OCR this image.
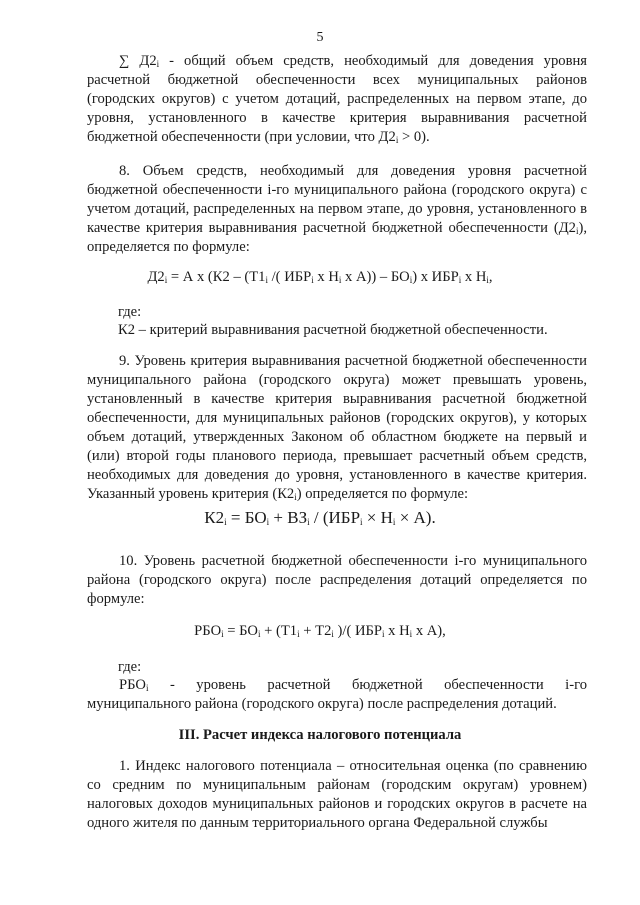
5
∑ $Д2_i$ - общий объем средств, необходимый для доведения уровня расчетной бюджетной обеспеченности всех муниципальных районов (городских округов) с учетом дотаций, распределенных на первом этапе, до уровня, установленного в качестве критерия выравнивания расчетной бюджетной обеспеченности (при условии, что $Д2_i > 0$).
8. Объем средств, необходимый для доведения уровня расчетной бюджетной обеспеченности i-го муниципального района (городского округа) с учетом дотаций, распределенных на первом этапе, до уровня, установленного в качестве критерия выравнивания расчетной бюджетной обеспеченности $(Д2_i)$, определяется по формуле:
$Д2_i = А$ х ($К2 - (Т1_i$ /( $ИБР_i$ х $Н_i$ х $А)) - БО_i$) х $ИБР_i$ х $Н_i$,
где:
К2 – критерий выравнивания расчетной бюджетной обеспеченности.
9. Уровень критерия выравнивания расчетной бюджетной обеспеченности муниципального района (городского округа) может превышать уровень, установленный в качестве критерия выравнивания расчетной бюджетной обеспеченности, для муниципальных районов (городских округов), у которых объем дотаций, утвержденных Законом об областном бюджете на первый и (или) второй годы планового периода, превышает расчетный объем средств, необходимых для доведения до уровня, установленного в качестве критерия. Указанный уровень критерия $(К2_i)$ определяется по формуле:
$К2_i = БО_i + ВЗ_i / (ИБР_i \times Н_i \times А)$.
10. Уровень расчетной бюджетной обеспеченности i-го муниципального района (городского округа) после распределения дотаций определяется по формуле:
$РБО_i = БО_i + (Т1_i + Т2_i$ )/( $ИБР_i$ х $Н_i$ х А),
где:
$РБО_i$ - уровень расчетной бюджетной обеспеченности i-го муниципального района (городского округа) после распределения дотаций.
III. Расчет индекса налогового потенциала
1. Индекс налогового потенциала – относительная оценка (по сравнению со средним по муниципальным районам (городским округам) уровнем) налоговых доходов муниципальных районов и городских округов в расчете на одного жителя по данным территориального органа Федеральной службы
